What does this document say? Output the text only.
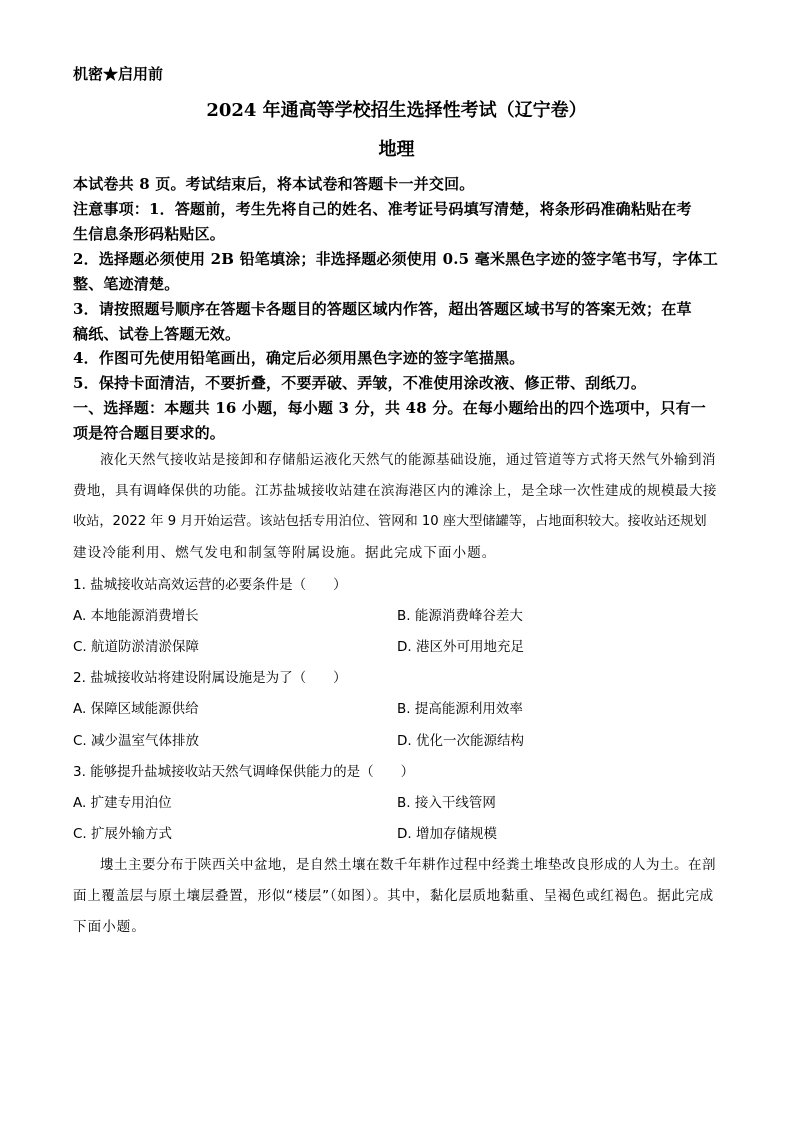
机密★启用前
2024 年通高等学校招生选择性考试（辽宁卷）
地理
本试卷共 8 页。考试结束后，将本试卷和答题卡一并交回。
注意事项：1．答题前，考生先将自己的姓名、准考证号码填写清楚，将条形码准确粘贴在考
生信息条形码粘贴区。
2．选择题必须使用 2B 铅笔填涂；非选择题必须使用 0.5 毫米黑色字迹的签字笔书写，字体工
整、笔迹清楚。
3．请按照题号顺序在答题卡各题目的答题区域内作答，超出答题区域书写的答案无效；在草
稿纸、试卷上答题无效。
4．作图可先使用铅笔画出，确定后必须用黑色字迹的签字笔描黑。
5．保持卡面清洁，不要折叠，不要弄破、弄皱，不准使用涂改液、修正带、刮纸刀。
一、选择题：本题共 16 小题，每小题 3 分，共 48 分。在每小题给出的四个选项中，只有一
项是符合题目要求的。
液化天然气接收站是接卸和存储船运液化天然气的能源基础设施，通过管道等方式将天然气外输到消
费地，具有调峰保供的功能。江苏盐城接收站建在滨海港区内的滩涂上，是全球一次性建成的规模最大接
收站，2022 年 9 月开始运营。该站包括专用泊位、管网和 10 座大型储罐等，占地面积较大。接收站还规划
建设冷能利用、燃气发电和制氢等附属设施。据此完成下面小题。
1. 盐城接收站高效运营的必要条件是（　　）
A. 本地能源消费增长	B. 能源消费峰谷差大
C. 航道防淤清淤保障	D. 港区外可用地充足
2. 盐城接收站将建设附属设施是为了（　　）
A. 保障区域能源供给	B. 提高能源利用效率
C. 减少温室气体排放	D. 优化一次能源结构
3. 能够提升盐城接收站天然气调峰保供能力的是（　　）
A. 扩建专用泊位	B. 接入干线管网
C. 扩展外输方式	D. 增加存储规模
塿土主要分布于陕西关中盆地，是自然土壤在数千年耕作过程中经粪土堆垫改良形成的人为土。在剖
面上覆盖层与原土壤层叠置，形似“楼层”（如图）。其中，黏化层质地黏重、呈褐色或红褐色。据此完成
下面小题。
